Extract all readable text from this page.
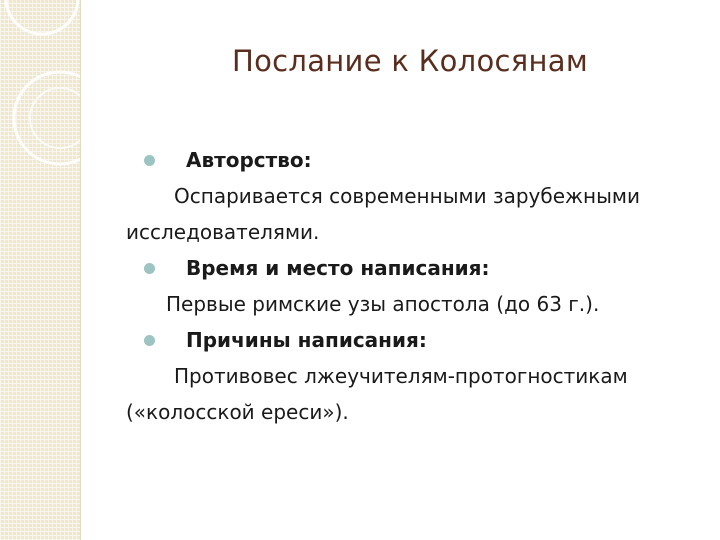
Послание к Колосянам
Авторство:

Оспаривается современными зарубежными исследователями.

Время и место написания:

Первые римские узы апостола (до 63 г.).

Причины написания:

Противовес лжеучителям-протогностикам («колосской ереси»).
